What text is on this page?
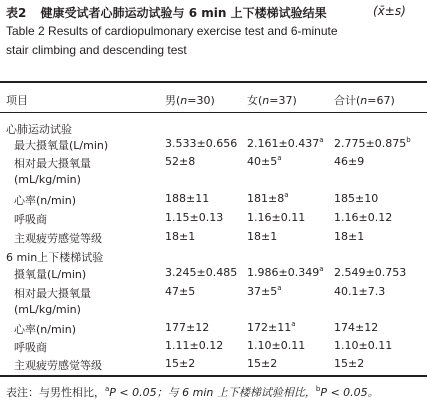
表2 健康受试者心肺运动试验与 6 min 上下楼梯试验结果	(x̄±s)
Table 2 Results of cardiopulmonary exercise test and 6-minute
stair climbing and descending test
项目	男(n=30)	女(n=37)	合计(n=67)
心肺运动试验
最大摄氧量(L/min)	3.533±0.656 2.161±0.437$^a$ 2.775±0.875$^b$
相对最大摄氧量	52±8	$40\pm 5^a$	46±9
(mL/kg/min)
心率(n/min)	188±11	$181\pm 8^a$	185±10
呼吸商	1.15±0.13 1.16±0.11	1.16±0.12
主观疲劳感觉等级	18±1	18±1	18±1
6 min上下楼梯试验
摄氧量(L/min)	3.245±0.485 1.986±0.349$^a$ 2.549±0.753
相对最大摄氧量	47±5	$37\pm 5^a$	40.1±7.3
(mL/kg/min)
心率(n/min)	177±12	$172\pm 11^a$	174±12
呼吸商	1.11±0.12 1.10±0.11	1.10±0.11
主观疲劳感觉等级	15±2	15±2	15±2
表注：与男性相比，$^a$P < 0.05；与 6 min 上下楼梯试验相比，$^b$P < 0.05。
